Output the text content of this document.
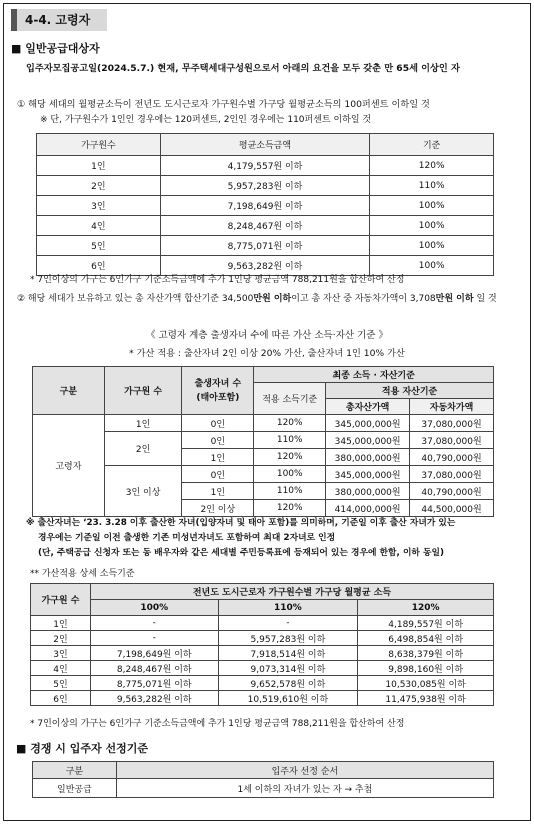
4-4. 고령자
■ 일반공급대상자
입주자모집공고일(2024.5.7.) 현재, 무주택세대구성원으로서 아래의 요건을 모두 갖춘 만 65세 이상인 자
① 해당 세대의 월평균소득이 전년도 도시근로자 가구원수별 가구당 월평균소득의 100퍼센트 이하일 것
※ 단, 가구원수가 1인인 경우에는 120퍼센트, 2인인 경우에는 110퍼센트 이하일 것
가구원수	평균소득금액	기준
1인	4,179,557원 이하	120%
2인	5,957,283원 이하	110%
3인	7,198,649원 이하	100%
4인	8,248,467원 이하	100%
5인	8,775,071원 이하	100%
6인	9,563,282원 이하	100%
* 7인이상의 가구는 6인가구 기준소득금액에 추가 1인당 평균금액 788,211원을 합산하여 산정
② 해당 세대가 보유하고 있는 총 자산가액 합산기준 34,500만원 이하이고 총 자산 중 자동차가액이 3,708만원 이하 일 것
《 고령자 계층 출생자녀 수에 따른 가산 소득·자산 기준 》
* 가산 적용 : 출산자녀 2인 이상 20% 가산, 출산자녀 1인 10% 가산
구분	가구원 수	출생자녀 수
(태아포함)	최종 소득 · 자산기준		
			적용 소득기준	적용 자산기준	
				총자산가액	자동차가액
고령자	1인	0인	120%	345,000,000원	37,080,000원
	2인	0인	110%	345,000,000원	37,080,000원
		1인	120%	380,000,000원	40,790,000원
	3인 이상	0인	100%	345,000,000원	37,080,000원
		1인	110%	380,000,000원	40,790,000원
		2인 이상	120%	414,000,000원	44,500,000원
※ 출산자녀는 ‘23. 3.28 이후 출산한 자녀(입양자녀 및 태아 포함)를 의미하며, 기준일 이후 출산 자녀가 있는
경우에는 기준일 이전 출생한 기존 미성년자녀도 포함하여 최대 2자녀로 인정
(단, 주택공급 신청자 또는 동 배우자와 같은 세대별 주민등록표에 등재되어 있는 경우에 한함, 이하 동일)
** 가산적용 상세 소득기준
가구원 수	전년도 도시근로자 가구원수별 가구당 월평균 소득		
	100%	110%	120%
1인	-	-	4,189,557원 이하
2인	-	5,957,283원 이하	6,498,854원 이하
3인	7,198,649원 이하	7,918,514원 이하	8,638,379원 이하
4인	8,248,467원 이하	9,073,314원 이하	9,898,160원 이하
5인	8,775,071원 이하	9,652,578원 이하	10,530,085원 이하
6인	9,563,282원 이하	10,519,610원 이하	11,475,938원 이하
* 7인이상의 가구는 6인가구 기준소득금액에 추가 1인당 평균금액 788,211원을 합산하여 산정
■ 경쟁 시 입주자 선정기준
구분	입주자 선정 순서
일반공급	1세 이하의 자녀가 있는 자 → 추첨
